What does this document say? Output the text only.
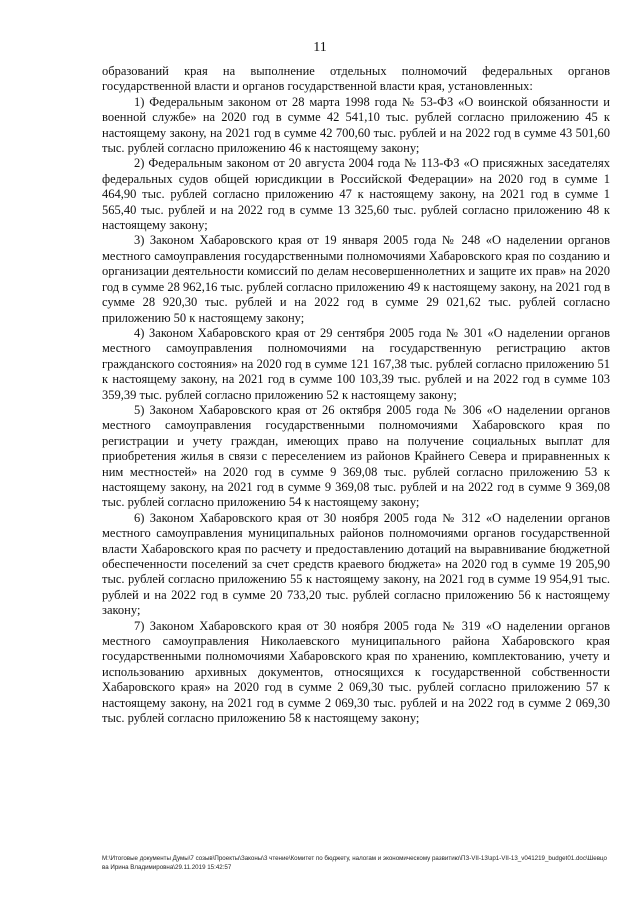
11

образований края на выполнение отдельных полномочий федеральных органов государственной власти и органов государственной власти края, установленных:

1) Федеральным законом от 28 марта 1998 года № 53-ФЗ «О воинской обязанности и военной службе» на 2020 год в сумме 42 541,10 тыс. рублей согласно приложению 45 к настоящему закону, на 2021 год в сумме 42 700,60 тыс. рублей и на 2022 год в сумме 43 501,60 тыс. рублей согласно приложению 46 к настоящему закону;

2) Федеральным законом от 20 августа 2004 года № 113-ФЗ «О присяжных заседателях федеральных судов общей юрисдикции в Российской Федерации» на 2020 год в сумме 1 464,90 тыс. рублей согласно приложению 47 к настоящему закону, на 2021 год в сумме 1 565,40 тыс. рублей и на 2022 год в сумме 13 325,60 тыс. рублей согласно приложению 48 к настоящему закону;

3) Законом Хабаровского края от 19 января 2005 года № 248 «О наделении органов местного самоуправления государственными полномочиями Хабаровского края по созданию и организации деятельности комиссий по делам несовершеннолетних и защите их прав» на 2020 год в сумме 28 962,16 тыс. рублей согласно приложению 49 к настоящему закону, на 2021 год в сумме 28 920,30 тыс. рублей и на 2022 год в сумме 29 021,62 тыс. рублей согласно приложению 50 к настоящему закону;

4) Законом Хабаровского края от 29 сентября 2005 года № 301 «О наделении органов местного самоуправления полномочиями на государственную регистрацию актов гражданского состояния» на 2020 год в сумме 121 167,38 тыс. рублей согласно приложению 51 к настоящему закону, на 2021 год в сумме 100 103,39 тыс. рублей и на 2022 год в сумме 103 359,39 тыс. рублей согласно приложению 52 к настоящему закону;

5) Законом Хабаровского края от 26 октября 2005 года № 306 «О наделении органов местного самоуправления государственными полномочиями Хабаровского края по регистрации и учету граждан, имеющих право на получение социальных выплат для приобретения жилья в связи с переселением из районов Крайнего Севера и приравненных к ним местностей» на 2020 год в сумме 9 369,08 тыс. рублей согласно приложению 53 к настоящему закону, на 2021 год в сумме 9 369,08 тыс. рублей и на 2022 год в сумме 9 369,08 тыс. рублей согласно приложению 54 к настоящему закону;

6) Законом Хабаровского края от 30 ноября 2005 года № 312 «О наделении органов местного самоуправления муниципальных районов полномочиями органов государственной власти Хабаровского края по расчету и предоставлению дотаций на выравнивание бюджетной обеспеченности поселений за счет средств краевого бюджета» на 2020 год в сумме 19 205,90 тыс. рублей согласно приложению 55 к настоящему закону, на 2021 год в сумме 19 954,91 тыс. рублей и на 2022 год в сумме 20 733,20 тыс. рублей согласно приложению 56 к настоящему закону;

7) Законом Хабаровского края от 30 ноября 2005 года № 319 «О наделении органов местного самоуправления Николаевского муниципального района Хабаровского края государственными полномочиями Хабаровского края по хранению, комплектованию, учету и использованию архивных документов, относящихся к государственной собственности Хабаровского края» на 2020 год в сумме 2 069,30 тыс. рублей согласно приложению 57 к настоящему закону, на 2021 год в сумме 2 069,30 тыс. рублей и на 2022 год в сумме 2 069,30 тыс. рублей согласно приложению 58 к настоящему закону;

M:\Итоговые документы Думы\7 созыв\Проекты\Законы\3 чтение\Комитет по бюджету, налогам и экономическому развитию\ПЗ-VII-13\зр1-VII-13_v041219_budget01.doc\Шевцова Ирина Владимировна\29.11.2019 15:42:57
